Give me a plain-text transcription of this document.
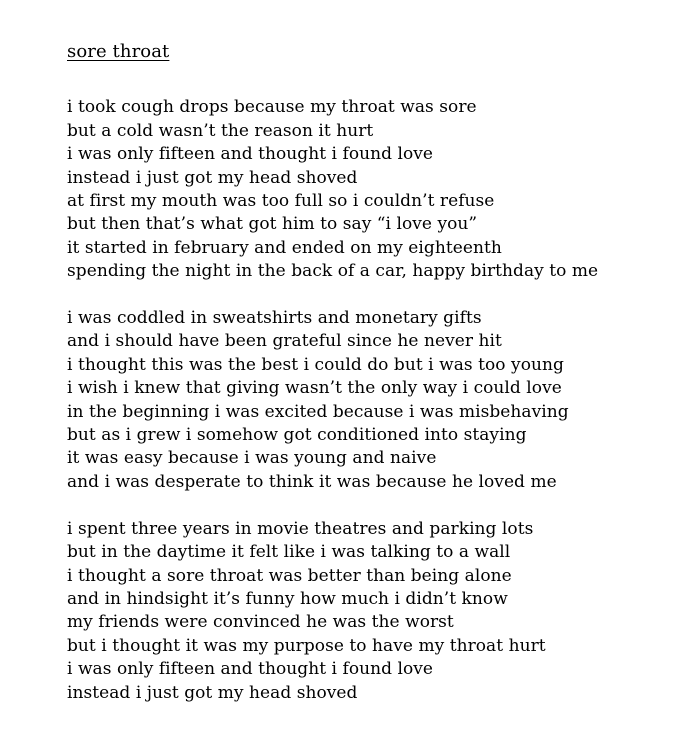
sore throat
i took cough drops because my throat was sore
but a cold wasn’t the reason it hurt
i was only fifteen and thought i found love
instead i just got my head shoved
at first my mouth was too full so i couldn’t refuse
but then that’s what got him to say “i love you”
it started in february and ended on my eighteenth
spending the night in the back of a car, happy birthday to me
i was coddled in sweatshirts and monetary gifts
and i should have been grateful since he never hit
i thought this was the best i could do but i was too young
i wish i knew that giving wasn’t the only way i could love
in the beginning i was excited because i was misbehaving
but as i grew i somehow got conditioned into staying
it was easy because i was young and naive
and i was desperate to think it was because he loved me
i spent three years in movie theatres and parking lots
but in the daytime it felt like i was talking to a wall
i thought a sore throat was better than being alone
and in hindsight it’s funny how much i didn’t know
my friends were convinced he was the worst
but i thought it was my purpose to have my throat hurt
i was only fifteen and thought i found love
instead i just got my head shoved
